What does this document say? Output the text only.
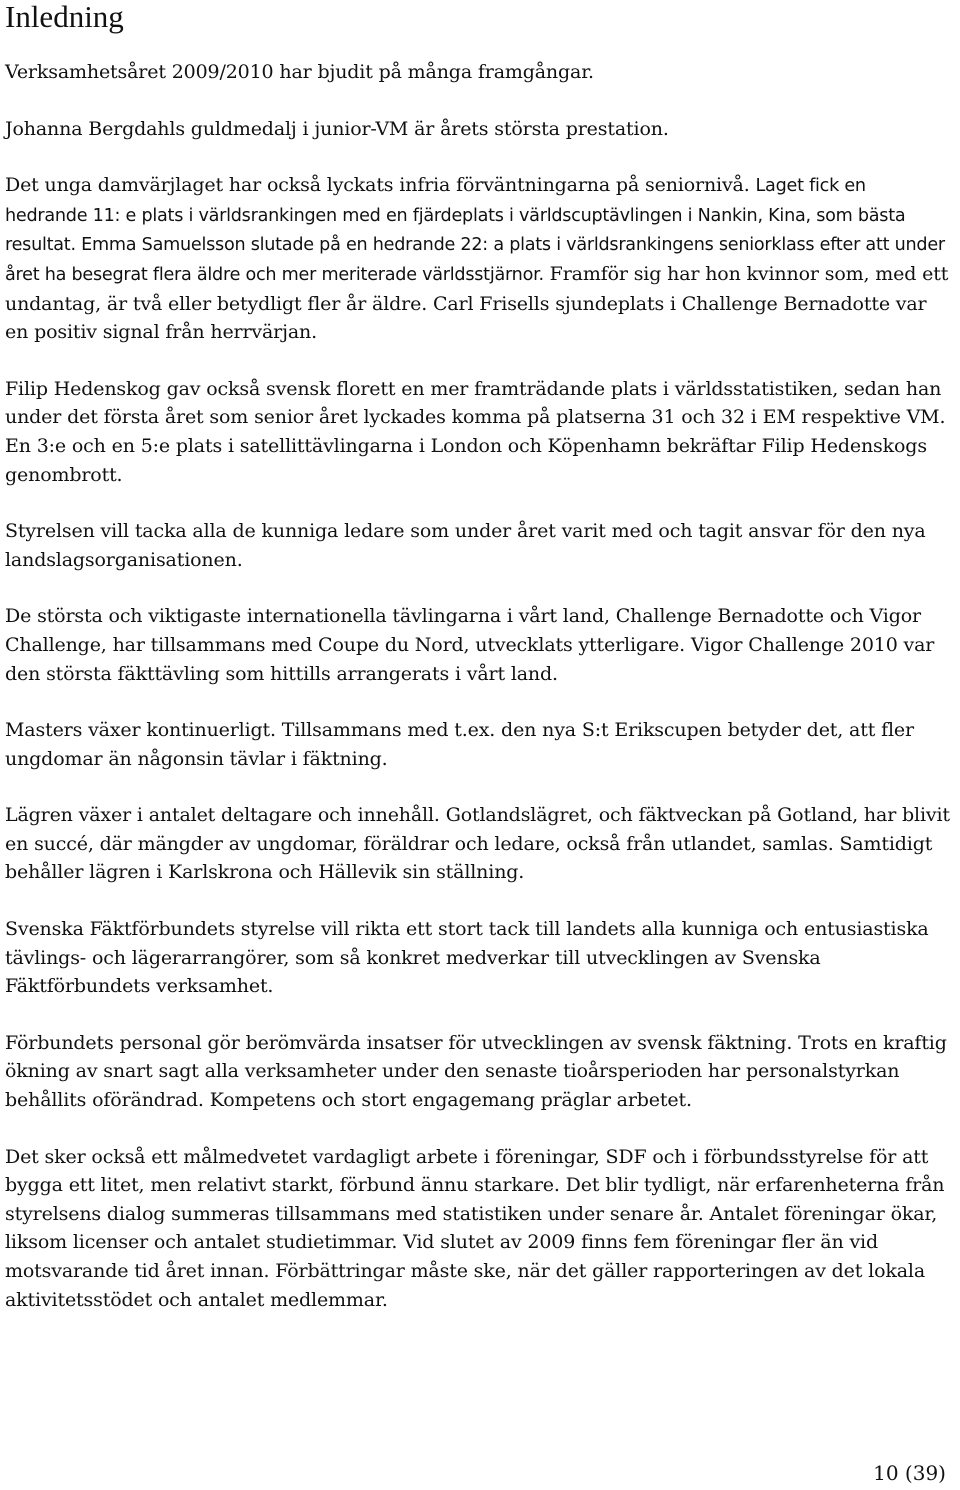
Inledning

Verksamhetsåret 2009/2010 har bjudit på många framgångar.

Johanna Bergdahls guldmedalj i junior-VM är årets största prestation.

Det unga damvärjlaget har också lyckats infria förväntningarna på seniornivå. Laget fick en hedrande 11: e plats i världsrankingen med en fjärdeplats i världscuptävlingen i Nankin, Kina, som bästa resultat. Emma Samuelsson slutade på en hedrande 22: a plats i världsrankingens seniorklass efter att under året ha besegrat flera äldre och mer meriterade världsstjärnor. Framför sig har hon kvinnor som, med ett undantag, är två eller betydligt fler år äldre. Carl Frisells sjundeplats i Challenge Bernadotte var en positiv signal från herrvärjan.

Filip Hedenskog gav också svensk florett en mer framträdande plats i världsstatistiken, sedan han under det första året som senior året lyckades komma på platserna 31 och 32 i EM respektive VM. En 3:e och en 5:e plats i satellittävlingarna i London och Köpenhamn bekräftar Filip Hedenskogs genombrott.

Styrelsen vill tacka alla de kunniga ledare som under året varit med och tagit ansvar för den nya landslagsorganisationen.

De största och viktigaste internationella tävlingarna i vårt land, Challenge Bernadotte och Vigor Challenge, har tillsammans med Coupe du Nord, utvecklats ytterligare. Vigor Challenge 2010 var den största fäkttävling som hittills arrangerats i vårt land.

Masters växer kontinuerligt. Tillsammans med t.ex. den nya S:t Erikscupen betyder det, att fler ungdomar än någonsin tävlar i fäktning.

Lägren växer i antalet deltagare och innehåll. Gotlandslägret, och fäktveckan på Gotland, har blivit en succé, där mängder av ungdomar, föräldrar och ledare, också från utlandet, samlas. Samtidigt behåller lägren i Karlskrona och Hällevik sin ställning.

Svenska Fäktförbundets styrelse vill rikta ett stort tack till landets alla kunniga och entusiastiska tävlings- och lägerarrangörer, som så konkret medverkar till utvecklingen av Svenska Fäktförbundets verksamhet.

Förbundets personal gör berömvärda insatser för utvecklingen av svensk fäktning. Trots en kraftig ökning av snart sagt alla verksamheter under den senaste tioårsperioden har personalstyrkan behållits oförändrad. Kompetens och stort engagemang präglar arbetet.

Det sker också ett målmedvetet vardagligt arbete i föreningar, SDF och i förbundsstyrelse för att bygga ett litet, men relativt starkt, förbund ännu starkare. Det blir tydligt, när erfarenheterna från styrelsens dialog summeras tillsammans med statistiken under senare år. Antalet föreningar ökar, liksom licenser och antalet studietimmar. Vid slutet av 2009 finns fem föreningar fler än vid motsvarande tid året innan. Förbättringar måste ske, när det gäller rapporteringen av det lokala aktivitetsstödet och antalet medlemmar.

10 (39)
